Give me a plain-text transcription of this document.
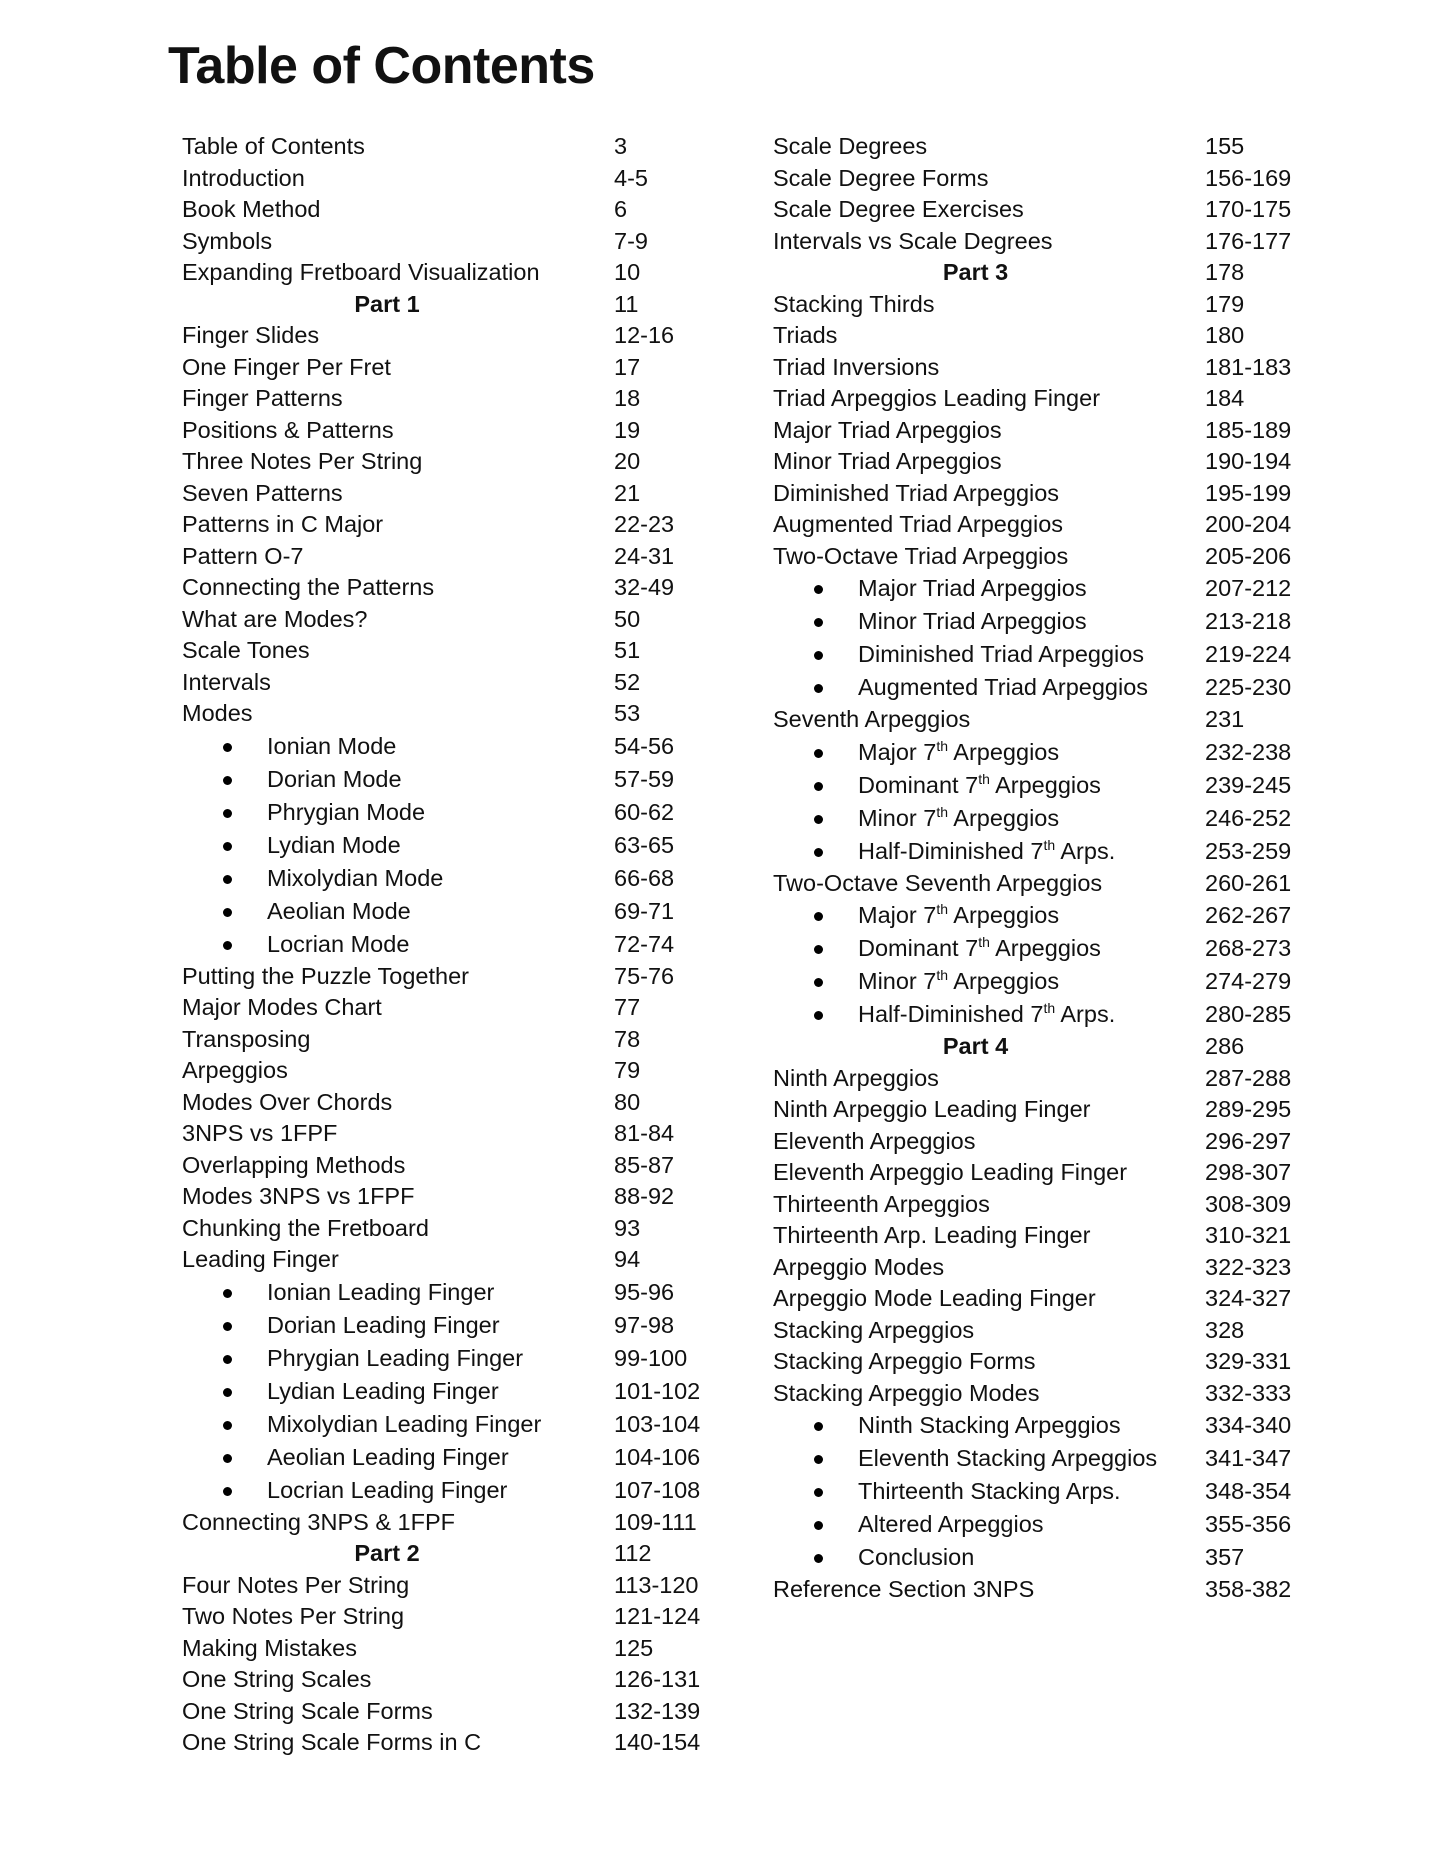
Table of Contents
Table of Contents	3
Introduction	4-5
Book Method	6
Symbols	7-9
Expanding Fretboard Visualization	10
Part 1	11
Finger Slides	12-16
One Finger Per Fret	17
Finger Patterns	18
Positions & Patterns	19
Three Notes Per String	20
Seven Patterns	21
Patterns in C Major	22-23
Pattern O-7	24-31
Connecting the Patterns	32-49
What are Modes?	50
Scale Tones	51
Intervals	52
Modes	53
Ionian Mode	54-56
Dorian Mode	57-59
Phrygian Mode	60-62
Lydian Mode	63-65
Mixolydian Mode	66-68
Aeolian Mode	69-71
Locrian Mode	72-74
Putting the Puzzle Together	75-76
Major Modes Chart	77
Transposing	78
Arpeggios	79
Modes Over Chords	80
3NPS vs 1FPF	81-84
Overlapping Methods	85-87
Modes 3NPS vs 1FPF	88-92
Chunking the Fretboard	93
Leading Finger	94
Ionian Leading Finger	95-96
Dorian Leading Finger	97-98
Phrygian Leading Finger	99-100
Lydian Leading Finger	101-102
Mixolydian Leading Finger	103-104
Aeolian Leading Finger	104-106
Locrian Leading Finger	107-108
Connecting 3NPS & 1FPF	109-111
Part 2	112
Four Notes Per String	113-120
Two Notes Per String	121-124
Making Mistakes	125
One String Scales	126-131
One String Scale Forms	132-139
One String Scale Forms in C	140-154
Scale Degrees	155
Scale Degree Forms	156-169
Scale Degree Exercises	170-175
Intervals vs Scale Degrees	176-177
Part 3	178
Stacking Thirds	179
Triads	180
Triad Inversions	181-183
Triad Arpeggios Leading Finger	184
Major Triad Arpeggios	185-189
Minor Triad Arpeggios	190-194
Diminished Triad Arpeggios	195-199
Augmented Triad Arpeggios	200-204
Two-Octave Triad Arpeggios	205-206
Major Triad Arpeggios	207-212
Minor Triad Arpeggios	213-218
Diminished Triad Arpeggios	219-224
Augmented Triad Arpeggios 225-230
Seventh Arpeggios	231
Major 7th Arpeggios	232-238
Dominant 7th Arpeggios	239-245
Minor 7th Arpeggios	246-252
Half-Diminished 7th Arps.	253-259
Two-Octave Seventh Arpeggios	260-261
Major 7th Arpeggios	262-267
Dominant 7th Arpeggios	268-273
Minor 7th Arpeggios	274-279
Half-Diminished 7th Arps.	280-285
Part 4	286
Ninth Arpeggios	287-288
Ninth Arpeggio Leading Finger	289-295
Eleventh Arpeggios	296-297
Eleventh Arpeggio Leading Finger	298-307
Thirteenth Arpeggios	308-309
Thirteenth Arp. Leading Finger	310-321
Arpeggio Modes	322-323
Arpeggio Mode Leading Finger	324-327
Stacking Arpeggios	328
Stacking Arpeggio Forms	329-331
Stacking Arpeggio Modes	332-333
Ninth Stacking Arpeggios	334-340
Eleventh Stacking Arpeggios 341-347
Thirteenth Stacking Arps.	348-354
Altered Arpeggios	355-356
Conclusion	357
Reference Section 3NPS	358-382
